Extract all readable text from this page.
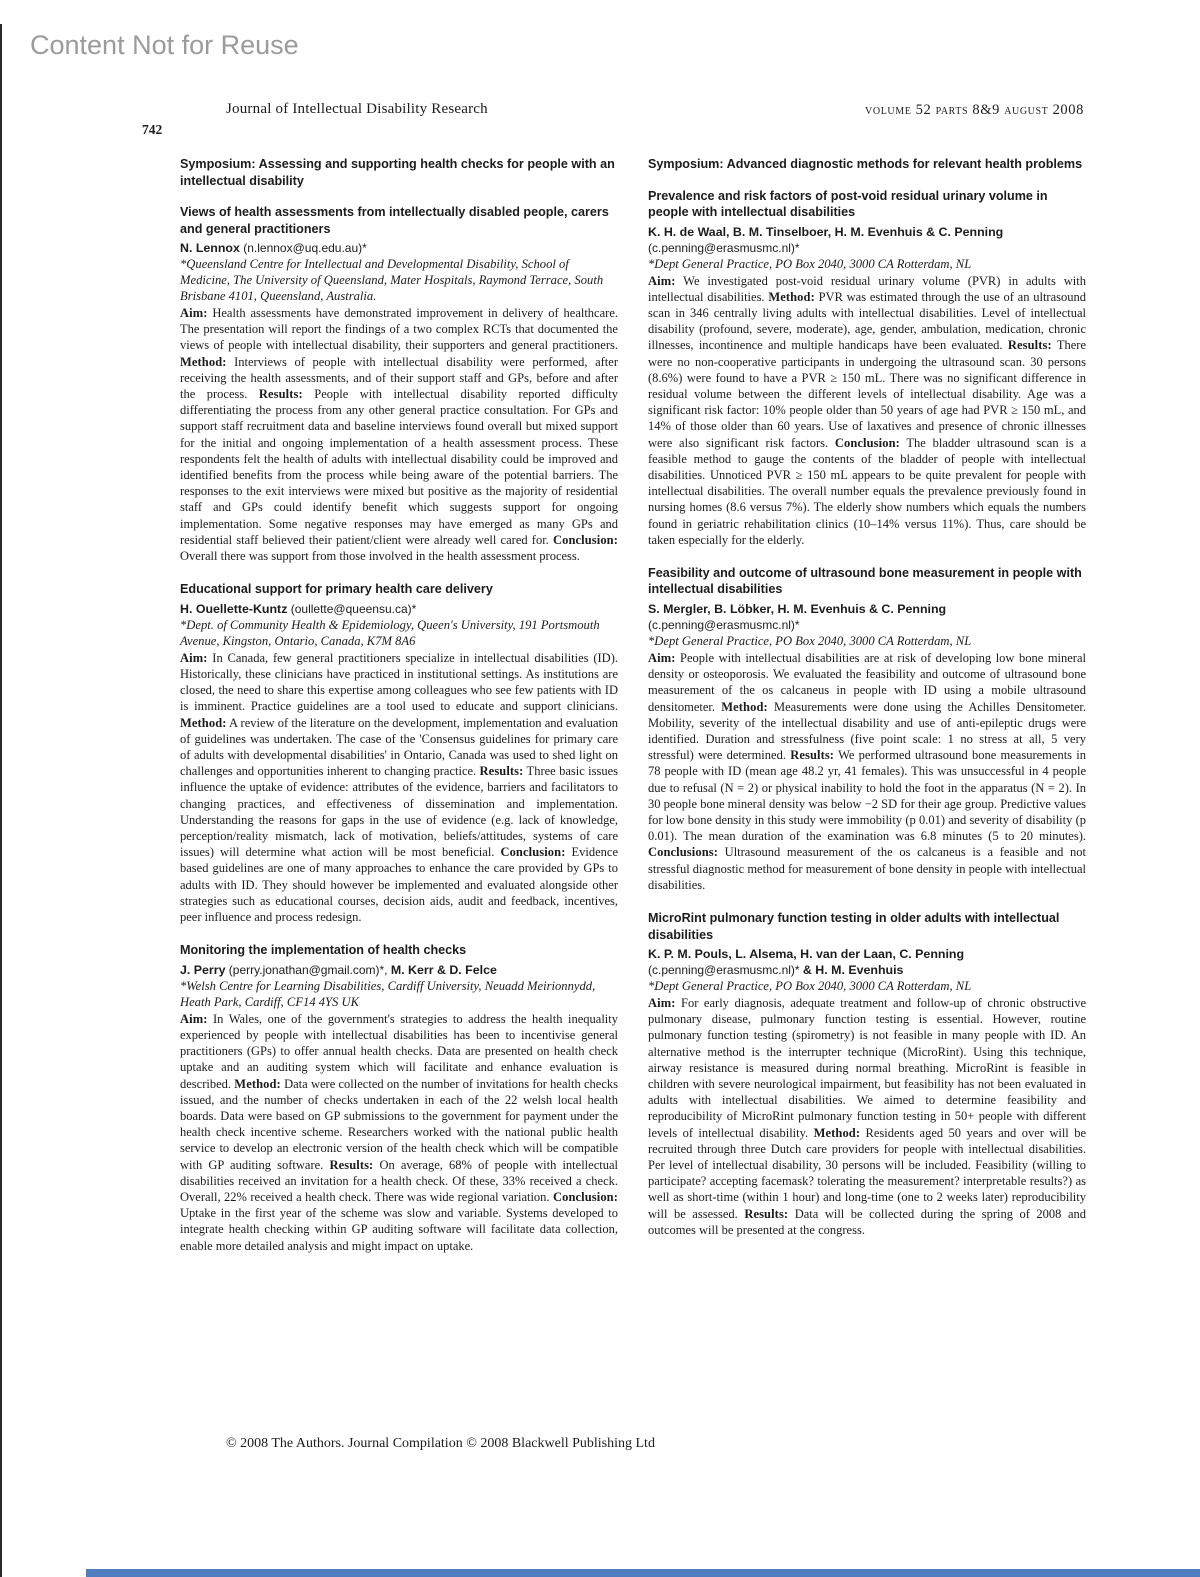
Content Not for Reuse
Journal of Intellectual Disability Research	volume 52 parts 8&9 august 2008
742
Symposium: Assessing and supporting health checks for people with an intellectual disability
Views of health assessments from intellectually disabled people, carers and general practitioners

N. Lennox (n.lennox@uq.edu.au)*

*Queensland Centre for Intellectual and Developmental Disability, School of Medicine, The University of Queensland, Mater Hospitals, Raymond Terrace, South Brisbane 4101, Queensland, Australia.

Aim: Health assessments have demonstrated improvement in delivery of healthcare. The presentation will report the findings of a two complex RCTs that documented the views of people with intellectual disability, their supporters and general practitioners. Method: Interviews of people with intellectual disability were performed, after receiving the health assessments, and of their support staff and GPs, before and after the process. Results: People with intellectual disability reported difficulty differentiating the process from any other general practice consultation. For GPs and support staff recruitment data and baseline interviews found overall but mixed support for the initial and ongoing implementation of a health assessment process. These respondents felt the health of adults with intellectual disability could be improved and identified benefits from the process while being aware of the potential barriers. The responses to the exit interviews were mixed but positive as the majority of residential staff and GPs could identify benefit which suggests support for ongoing implementation. Some negative responses may have emerged as many GPs and residential staff believed their patient/client were already well cared for. Conclusion: Overall there was support from those involved in the health assessment process.

Educational support for primary health care delivery

H. Ouellette-Kuntz (oullette@queensu.ca)*

*Dept. of Community Health & Epidemiology, Queen's University, 191 Portsmouth Avenue, Kingston, Ontario, Canada, K7M 8A6

Aim: In Canada, few general practitioners specialize in intellectual disabilities (ID). Historically, these clinicians have practiced in institutional settings. As institutions are closed, the need to share this expertise among colleagues who see few patients with ID is imminent. Practice guidelines are a tool used to educate and support clinicians. Method: A review of the literature on the development, implementation and evaluation of guidelines was undertaken. The case of the 'Consensus guidelines for primary care of adults with developmental disabilities' in Ontario, Canada was used to shed light on challenges and opportunities inherent to changing practice. Results: Three basic issues influence the uptake of evidence: attributes of the evidence, barriers and facilitators to changing practices, and effectiveness of dissemination and implementation. Understanding the reasons for gaps in the use of evidence (e.g. lack of knowledge, perception/reality mismatch, lack of motivation, beliefs/attitudes, systems of care issues) will determine what action will be most beneficial. Conclusion: Evidence based guidelines are one of many approaches to enhance the care provided by GPs to adults with ID. They should however be implemented and evaluated alongside other strategies such as educational courses, decision aids, audit and feedback, incentives, peer influence and process redesign.

Monitoring the implementation of health checks

J. Perry (perry.jonathan@gmail.com)*, M. Kerr & D. Felce

*Welsh Centre for Learning Disabilities, Cardiff University, Neuadd Meirionnydd, Heath Park, Cardiff, CF14 4YS UK

Aim: In Wales, one of the government's strategies to address the health inequality experienced by people with intellectual disabilities has been to incentivise general practitioners (GPs) to offer annual health checks. Data are presented on health check uptake and an auditing system which will facilitate and enhance evaluation is described. Method: Data were collected on the number of invitations for health checks issued, and the number of checks undertaken in each of the 22 welsh local health boards. Data were based on GP submissions to the government for payment under the health check incentive scheme. Researchers worked with the national public health service to develop an electronic version of the health check which will be compatible with GP auditing software. Results: On average, 68% of people with intellectual disabilities received an invitation for a health check. Of these, 33% received a check. Overall, 22% received a health check. There was wide regional variation. Conclusion: Uptake in the first year of the scheme was slow and variable. Systems developed to integrate health checking within GP auditing software will facilitate data collection, enable more detailed analysis and might impact on uptake.

Symposium: Advanced diagnostic methods for relevant health problems
Prevalence and risk factors of post-void residual urinary volume in people with intellectual disabilities

K. H. de Waal, B. M. Tinselboer, H. M. Evenhuis & C. Penning (c.penning@erasmusmc.nl)*

*Dept General Practice, PO Box 2040, 3000 CA Rotterdam, NL

Aim: We investigated post-void residual urinary volume (PVR) in adults with intellectual disabilities. Method: PVR was estimated through the use of an ultrasound scan in 346 centrally living adults with intellectual disabilities. Level of intellectual disability (profound, severe, moderate), age, gender, ambulation, medication, chronic illnesses, incontinence and multiple handicaps have been evaluated. Results: There were no non-cooperative participants in undergoing the ultrasound scan. 30 persons (8.6%) were found to have a PVR ≥ 150 mL. There was no significant difference in residual volume between the different levels of intellectual disability. Age was a significant risk factor: 10% people older than 50 years of age had PVR ≥ 150 mL, and 14% of those older than 60 years. Use of laxatives and presence of chronic illnesses were also significant risk factors. Conclusion: The bladder ultrasound scan is a feasible method to gauge the contents of the bladder of people with intellectual disabilities. Unnoticed PVR ≥ 150 mL appears to be quite prevalent for people with intellectual disabilities. The overall number equals the prevalence previously found in nursing homes (8.6 versus 7%). The elderly show numbers which equals the numbers found in geriatric rehabilitation clinics (10–14% versus 11%). Thus, care should be taken especially for the elderly.

Feasibility and outcome of ultrasound bone measurement in people with intellectual disabilities

S. Mergler, B. Löbker, H. M. Evenhuis & C. Penning (c.penning@erasmusmc.nl)*

*Dept General Practice, PO Box 2040, 3000 CA Rotterdam, NL

Aim: People with intellectual disabilities are at risk of developing low bone mineral density or osteoporosis. We evaluated the feasibility and outcome of ultrasound bone measurement of the os calcaneus in people with ID using a mobile ultrasound densitometer. Method: Measurements were done using the Achilles Densitometer. Mobility, severity of the intellectual disability and use of anti-epileptic drugs were identified. Duration and stressfulness (five point scale: 1 no stress at all, 5 very stressful) were determined. Results: We performed ultrasound bone measurements in 78 people with ID (mean age 48.2 yr, 41 females). This was unsuccessful in 4 people due to refusal (N = 2) or physical inability to hold the foot in the apparatus (N = 2). In 30 people bone mineral density was below −2 SD for their age group. Predictive values for low bone density in this study were immobility (p 0.01) and severity of disability (p 0.01). The mean duration of the examination was 6.8 minutes (5 to 20 minutes). Conclusions: Ultrasound measurement of the os calcaneus is a feasible and not stressful diagnostic method for measurement of bone density in people with intellectual disabilities.

MicroRint pulmonary function testing in older adults with intellectual disabilities

K. P. M. Pouls, L. Alsema, H. van der Laan, C. Penning (c.penning@erasmusmc.nl)* & H. M. Evenhuis

*Dept General Practice, PO Box 2040, 3000 CA Rotterdam, NL

Aim: For early diagnosis, adequate treatment and follow-up of chronic obstructive pulmonary disease, pulmonary function testing is essential. However, routine pulmonary function testing (spirometry) is not feasible in many people with ID. An alternative method is the interrupter technique (MicroRint). Using this technique, airway resistance is measured during normal breathing. MicroRint is feasible in children with severe neurological impairment, but feasibility has not been evaluated in adults with intellectual disabilities. We aimed to determine feasibility and reproducibility of MicroRint pulmonary function testing in 50+ people with different levels of intellectual disability. Method: Residents aged 50 years and over will be recruited through three Dutch care providers for people with intellectual disabilities. Per level of intellectual disability, 30 persons will be included. Feasibility (willing to participate? accepting facemask? tolerating the measurement? interpretable results?) as well as short-time (within 1 hour) and long-time (one to 2 weeks later) reproducibility will be assessed. Results: Data will be collected during the spring of 2008 and outcomes will be presented at the congress.

© 2008 The Authors. Journal Compilation © 2008 Blackwell Publishing Ltd
